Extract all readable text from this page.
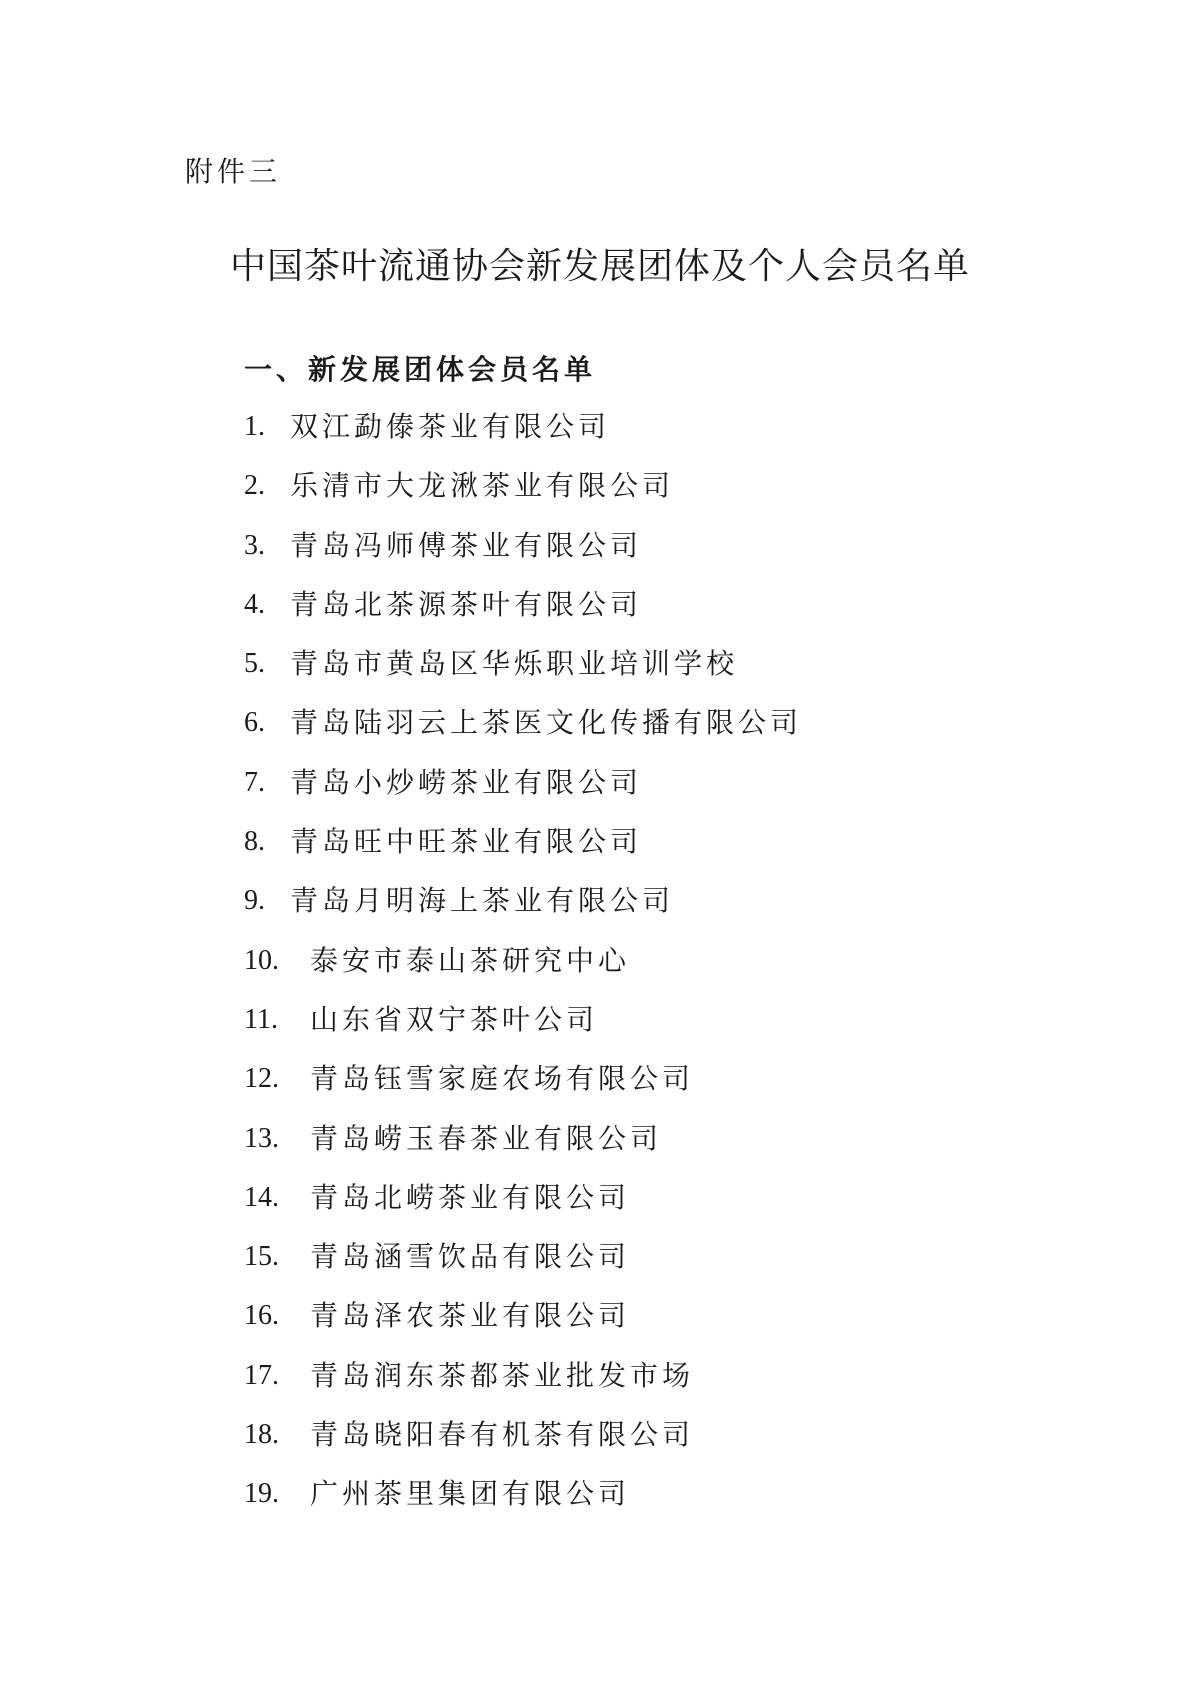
附件三
中国茶叶流通协会新发展团体及个人会员名单
一、新发展团体会员名单
1. 双江勐傣茶业有限公司
2. 乐清市大龙湫茶业有限公司
3. 青岛冯师傅茶业有限公司
4. 青岛北茶源茶叶有限公司
5. 青岛市黄岛区华烁职业培训学校
6. 青岛陆羽云上茶医文化传播有限公司
7. 青岛小炒崂茶业有限公司
8. 青岛旺中旺茶业有限公司
9. 青岛月明海上茶业有限公司
10.	泰安市泰山茶研究中心
11.	山东省双宁茶叶公司
12.	青岛钰雪家庭农场有限公司
13.	青岛崂玉春茶业有限公司
14.	青岛北崂茶业有限公司
15.	青岛涵雪饮品有限公司
16.	青岛泽农茶业有限公司
17.	青岛润东茶都茶业批发市场
18.	青岛晓阳春有机茶有限公司
19.	广州茶里集团有限公司
